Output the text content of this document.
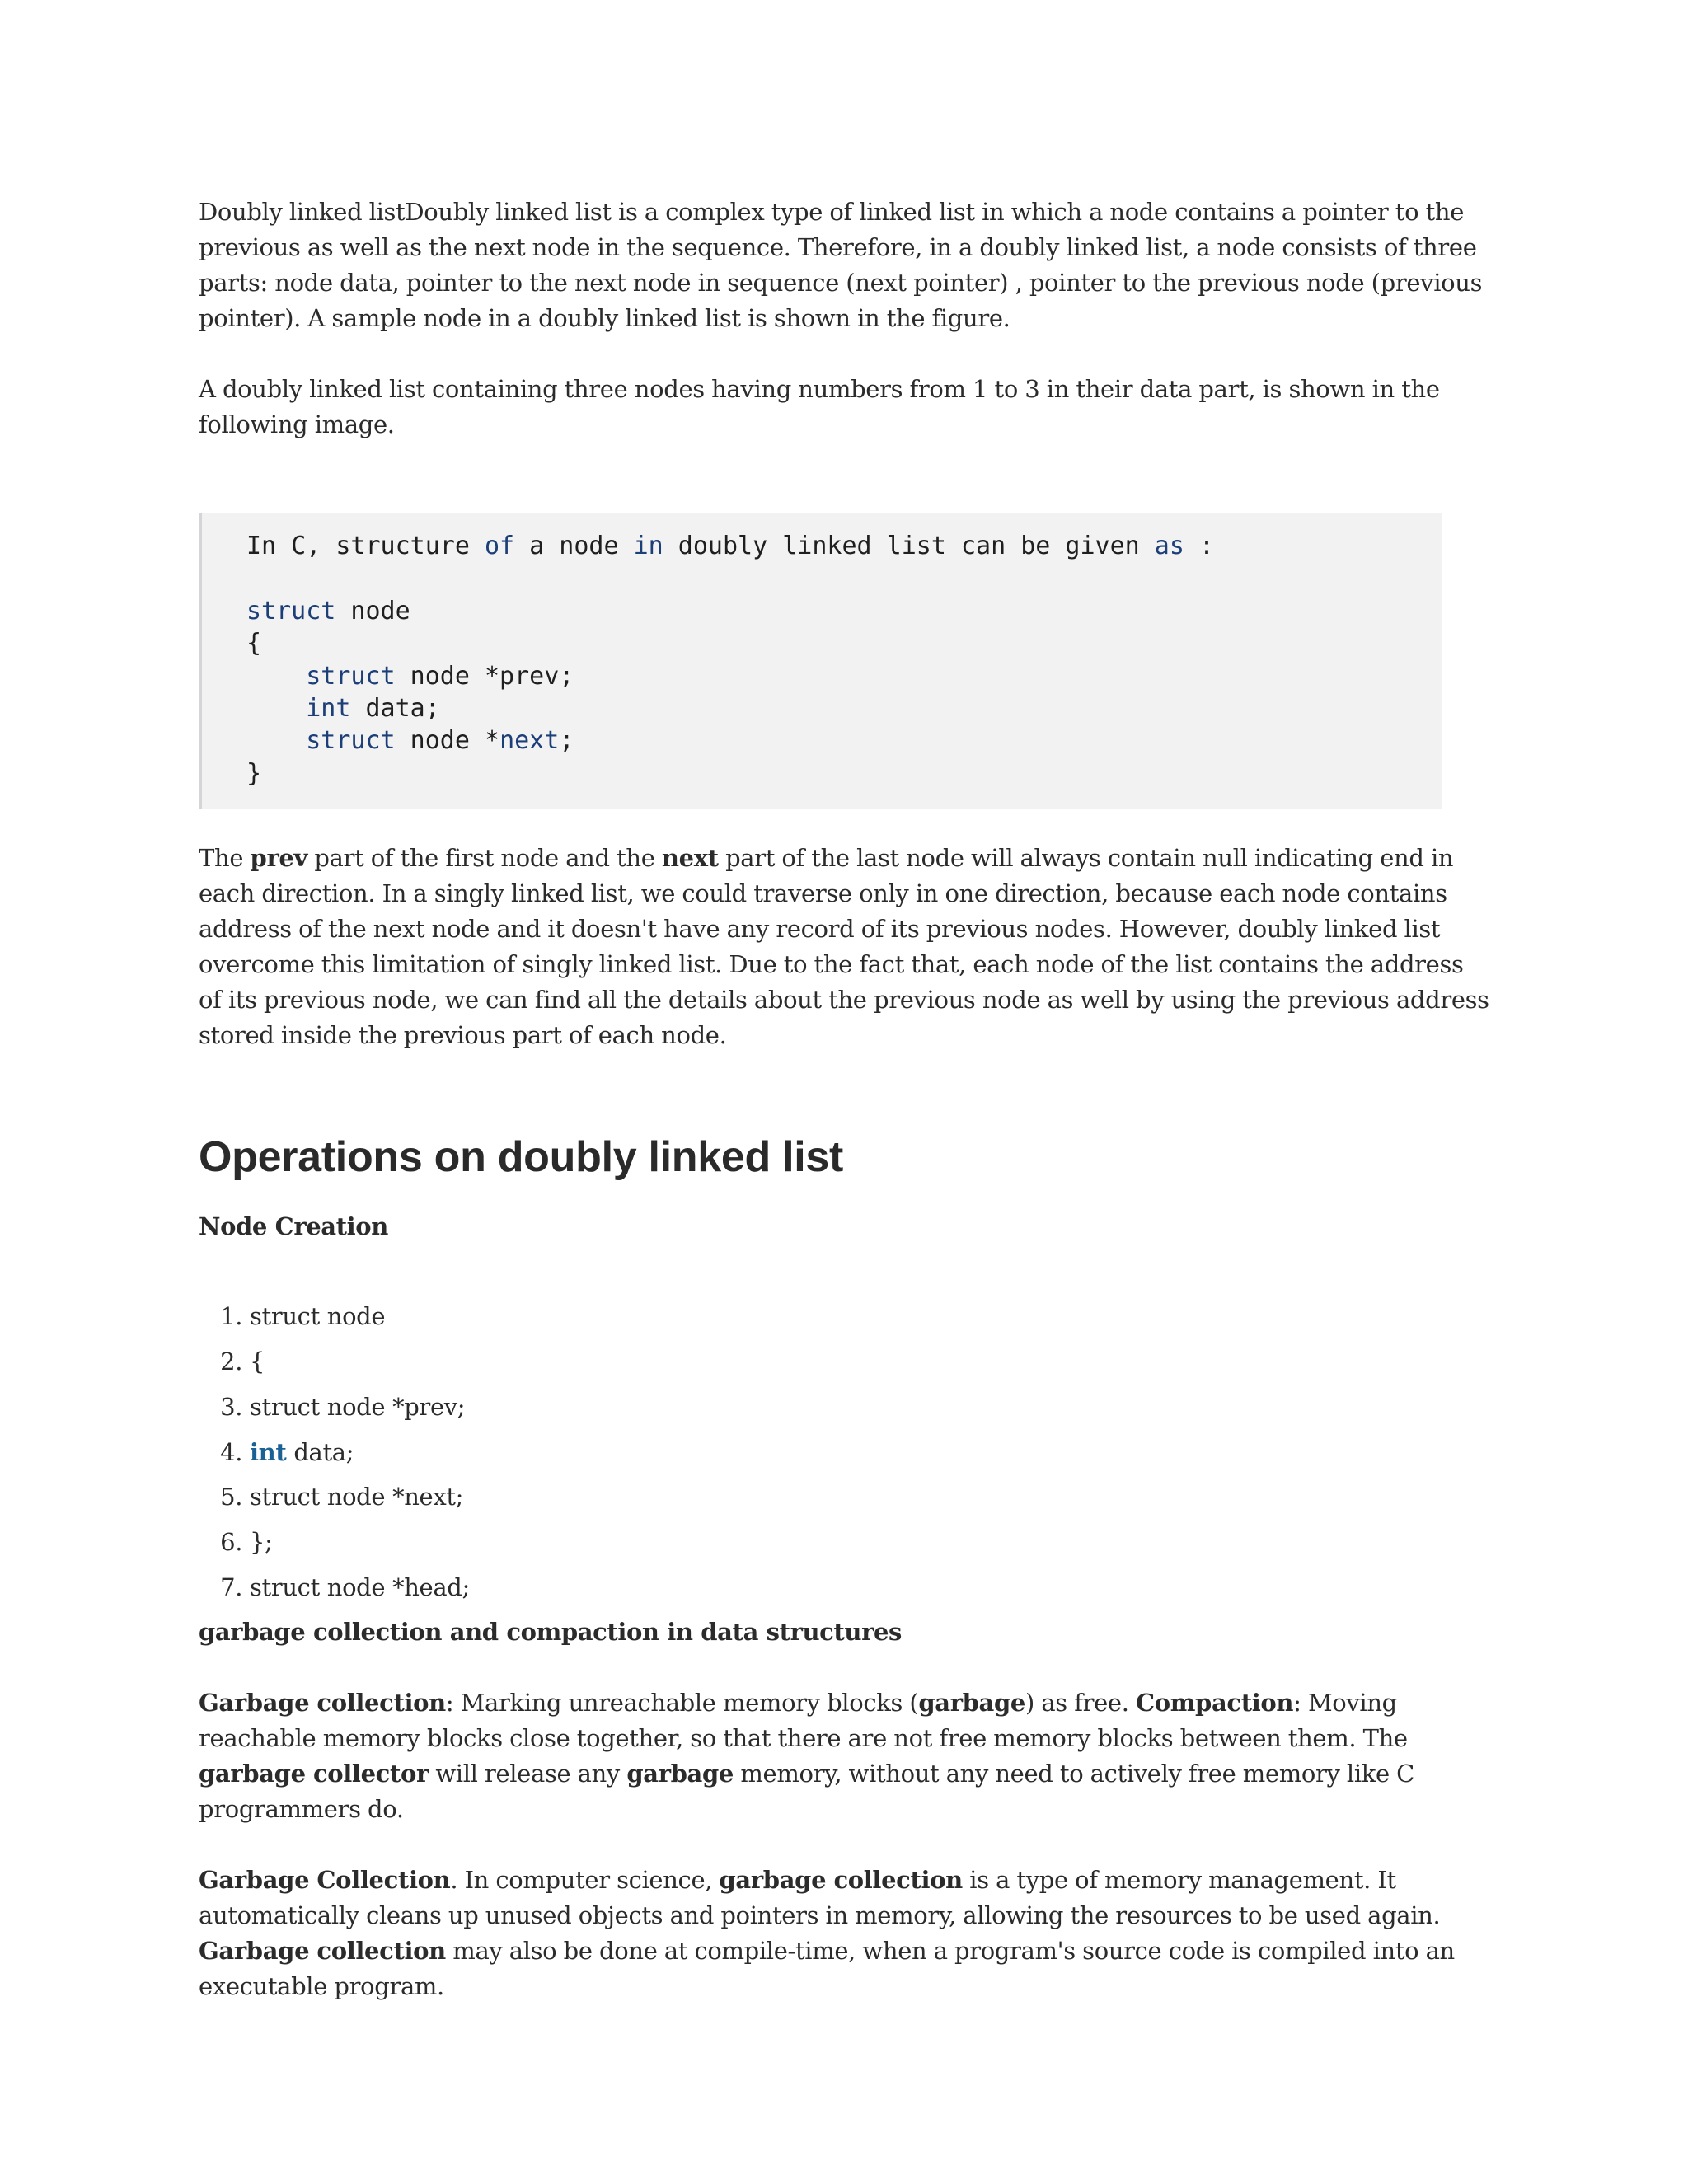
Doubly linked listDoubly linked list is a complex type of linked list in which a node contains a pointer to the previous as well as the next node in the sequence. Therefore, in a doubly linked list, a node consists of three parts: node data, pointer to the next node in sequence (next pointer) , pointer to the previous node (previous pointer). A sample node in a doubly linked list is shown in the figure.

A doubly linked list containing three nodes having numbers from 1 to 3 in their data part, is shown in the following image.

In C, structure of a node in doubly linked list can be given as :

struct node
{
struct node *prev;
int data;
struct node *next;
}

The prev part of the first node and the next part of the last node will always contain null indicating end in each direction. In a singly linked list, we could traverse only in one direction, because each node contains address of the next node and it doesn't have any record of its previous nodes. However, doubly linked list overcome this limitation of singly linked list. Due to the fact that, each node of the list contains the address of its previous node, we can find all the details about the previous node as well by using the previous address stored inside the previous part of each node.

Operations on doubly linked list
Node Creation
1. struct node
2. {
3. struct node *prev;
4. int data;
5. struct node *next;
6. };
7. struct node *head;
garbage collection and compaction in data structures

Garbage collection: Marking unreachable memory blocks (garbage) as free. Compaction: Moving reachable memory blocks close together, so that there are not free memory blocks between them. The garbage collector will release any garbage memory, without any need to actively free memory like C programmers do.

Garbage Collection. In computer science, garbage collection is a type of memory management. It automatically cleans up unused objects and pointers in memory, allowing the resources to be used again. Garbage collection may also be done at compile-time, when a program's source code is compiled into an executable program.
